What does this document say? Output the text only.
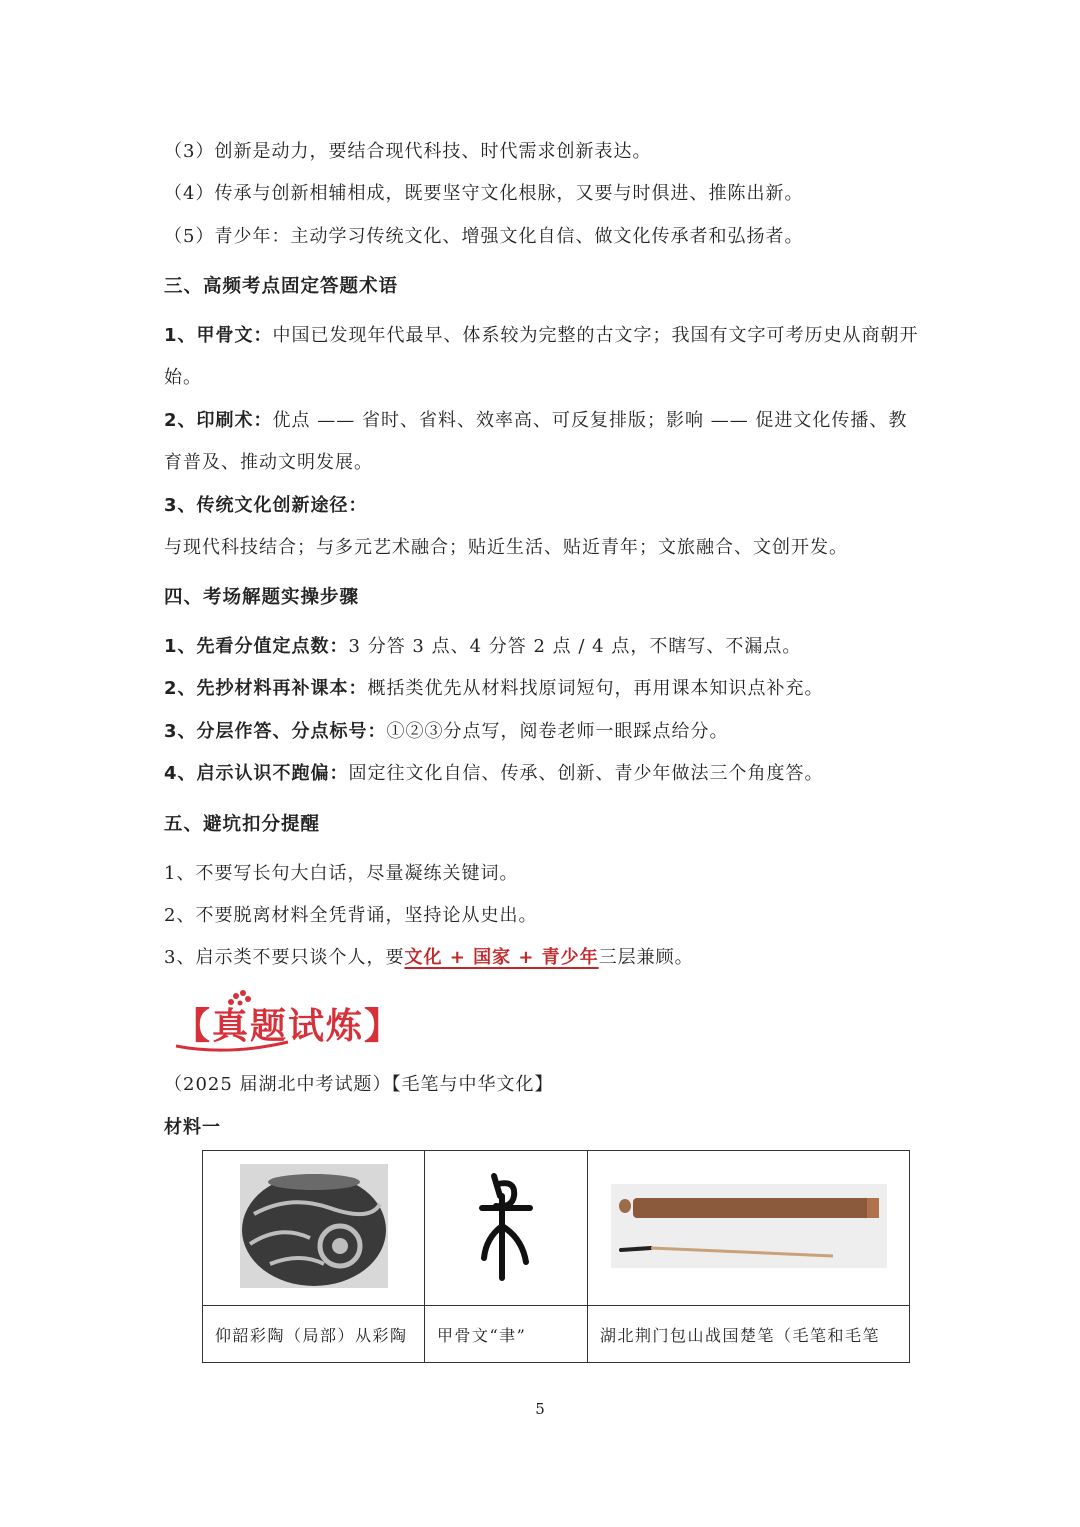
（3）创新是动力，要结合现代科技、时代需求创新表达。
（4）传承与创新相辅相成，既要坚守文化根脉，又要与时俱进、推陈出新。
（5）青少年：主动学习传统文化、增强文化自信、做文化传承者和弘扬者。
三、高频考点固定答题术语
1、甲骨文：中国已发现年代最早、体系较为完整的古文字；我国有文字可考历史从商朝开
始。
2、印刷术：优点 —— 省时、省料、效率高、可反复排版；影响 —— 促进文化传播、教
育普及、推动文明发展。
3、传统文化创新途径：
与现代科技结合；与多元艺术融合；贴近生活、贴近青年；文旅融合、文创开发。
四、考场解题实操步骤
1、先看分值定点数：3 分答 3 点、4 分答 2 点 / 4 点，不瞎写、不漏点。
2、先抄材料再补课本：概括类优先从材料找原词短句，再用课本知识点补充。
3、分层作答、分点标号：①②③分点写，阅卷老师一眼踩点给分。
4、启示认识不跑偏：固定往文化自信、传承、创新、青少年做法三个角度答。
五、避坑扣分提醒
1、不要写长句大白话，尽量凝练关键词。
2、不要脱离材料全凭背诵，坚持论从史出。
3、启示类不要只谈个人，要文化 + 国家 + 青少年三层兼顾。
【真题试炼】
（2025 届湖北中考试题）【毛笔与中华文化】
材料一

仰韶彩陶（局部）从彩陶	甲骨文“聿”	湖北荆门包山战国楚笔（毛笔和毛笔
5
